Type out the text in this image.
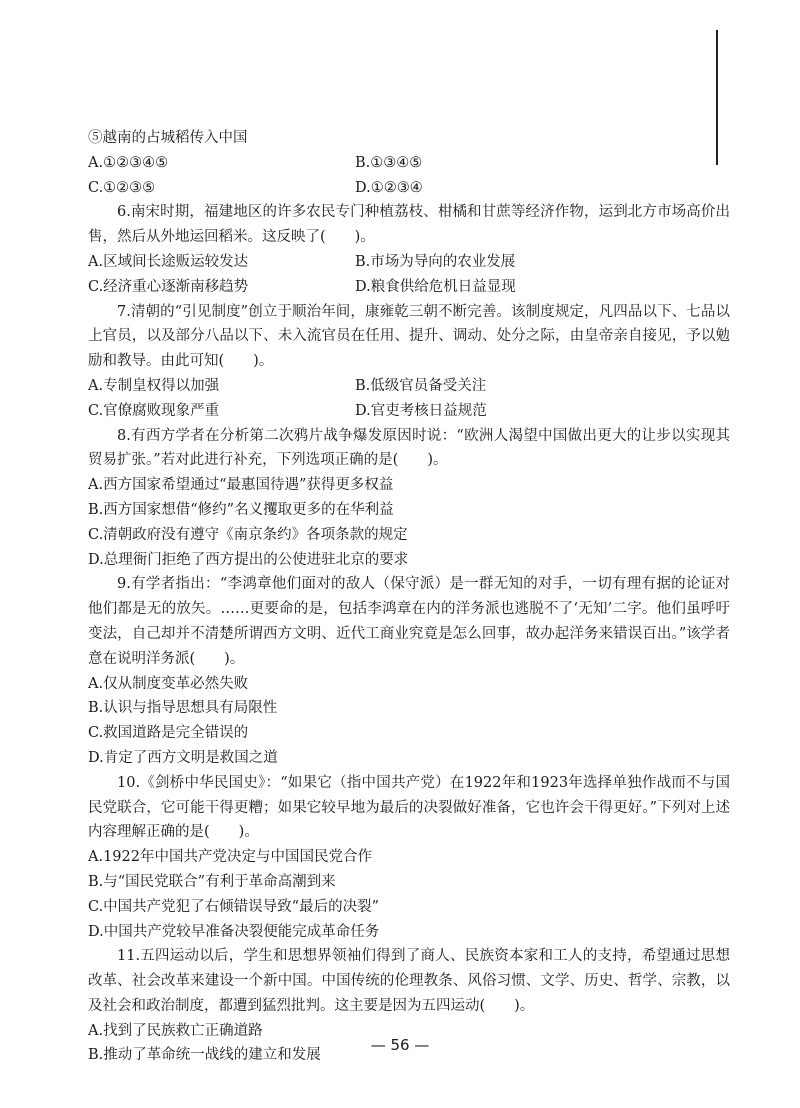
⑤越南的占城稻传入中国
A.①②③④⑤	B.①③④⑤
C.①②③⑤	D.①②③④
6.南宋时期，福建地区的许多农民专门种植荔枝、柑橘和甘蔗等经济作物，运到北方市场高价出售，然后从外地运回稻米。这反映了(　　)。
A.区域间长途贩运较发达	B.市场为导向的农业发展
C.经济重心逐渐南移趋势	D.粮食供给危机日益显现
7.清朝的“引见制度”创立于顺治年间，康雍乾三朝不断完善。该制度规定，凡四品以下、七品以上官员，以及部分八品以下、未入流官员在任用、提升、调动、处分之际，由皇帝亲自接见，予以勉励和教导。由此可知(　　)。
A.专制皇权得以加强	B.低级官员备受关注
C.官僚腐败现象严重	D.官吏考核日益规范
8.有西方学者在分析第二次鸦片战争爆发原因时说：“欧洲人渴望中国做出更大的让步以实现其贸易扩张。”若对此进行补充，下列选项正确的是(　　)。
A.西方国家希望通过“最惠国待遇”获得更多权益
B.西方国家想借“修约”名义攫取更多的在华利益
C.清朝政府没有遵守《南京条约》各项条款的规定
D.总理衙门拒绝了西方提出的公使进驻北京的要求
9.有学者指出：“李鸿章他们面对的敌人（保守派）是一群无知的对手，一切有理有据的论证对他们都是无的放矢。……更要命的是，包括李鸿章在内的洋务派也逃脱不了‘无知’二字。他们虽呼吁变法，自己却并不清楚所谓西方文明、近代工商业究竟是怎么回事，故办起洋务来错误百出。”该学者意在说明洋务派(　　)。
A.仅从制度变革必然失败
B.认识与指导思想具有局限性
C.救国道路是完全错误的
D.肯定了西方文明是救国之道
10.《剑桥中华民国史》：“如果它（指中国共产党）在1922年和1923年选择单独作战而不与国民党联合，它可能干得更糟；如果它较早地为最后的决裂做好准备，它也许会干得更好。”下列对上述内容理解正确的是(　　)。
A.1922年中国共产党决定与中国国民党合作
B.与“国民党联合”有利于革命高潮到来
C.中国共产党犯了右倾错误导致“最后的决裂”
D.中国共产党较早准备决裂便能完成革命任务
11.五四运动以后，学生和思想界领袖们得到了商人、民族资本家和工人的支持，希望通过思想改革、社会改革来建设一个新中国。中国传统的伦理教条、风俗习惯、文学、历史、哲学、宗教，以及社会和政治制度，都遭到猛烈批判。这主要是因为五四运动(　　)。
A.找到了民族救亡正确道路
B.推动了革命统一战线的建立和发展
— 56 —
